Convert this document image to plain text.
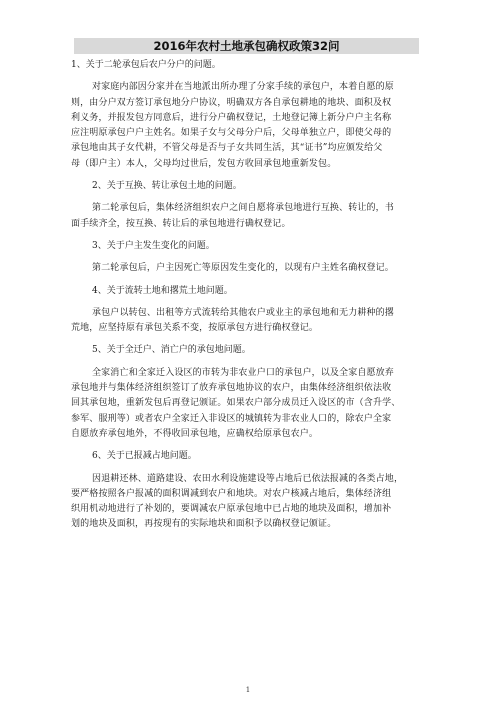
2016年农村土地承包确权政策32问
1、关于二轮承包后农户分户的问题。
对家庭内部因分家并在当地派出所办理了分家手续的承包户，本着自愿的原
则，由分户双方签订承包地分户协议，明确双方各自承包耕地的地块、面积及权
利义务，并报发包方同意后，进行分户确权登记，土地登记簿上新分户户主名称
应注明原承包户户主姓名。如果子女与父母分户后，父母单独立户，即使父母的
承包地由其子女代耕，不管父母是否与子女共同生活，其“证书”均应颁发给父
母（即户主）本人，父母均过世后，发包方收回承包地重新发包。
2、关于互换、转让承包土地的问题。
第二轮承包后，集体经济组织农户之间自愿将承包地进行互换、转让的，书
面手续齐全，按互换、转让后的承包地进行确权登记。
3、关于户主发生变化的问题。
第二轮承包后，户主因死亡等原因发生变化的，以现有户主姓名确权登记。
4、关于流转土地和撂荒土地问题。
承包户以转包、出租等方式流转给其他农户或业主的承包地和无力耕种的撂
荒地，应坚持原有承包关系不变，按原承包方进行确权登记。
5、关于全迁户、消亡户的承包地问题。
全家消亡和全家迁入设区的市转为非农业户口的承包户，以及全家自愿放弃
承包地并与集体经济组织签订了放弃承包地协议的农户，由集体经济组织依法收
回其承包地，重新发包后再登记颁证。如果农户部分成员迁入设区的市（含升学、
参军、服刑等）或者农户全家迁入非设区的城镇转为非农业人口的，除农户全家
自愿放弃承包地外，不得收回承包地，应确权给原承包农户。
6、关于已报减占地问题。
因退耕还林、道路建设、农田水利设施建设等占地后已依法报减的各类占地，
要严格按照各户报减的面积调减到农户和地块。对农户核减占地后，集体经济组
织用机动地进行了补划的，要调减农户原承包地中已占地的地块及面积，增加补
划的地块及面积，再按现有的实际地块和面积予以确权登记颁证。
1
